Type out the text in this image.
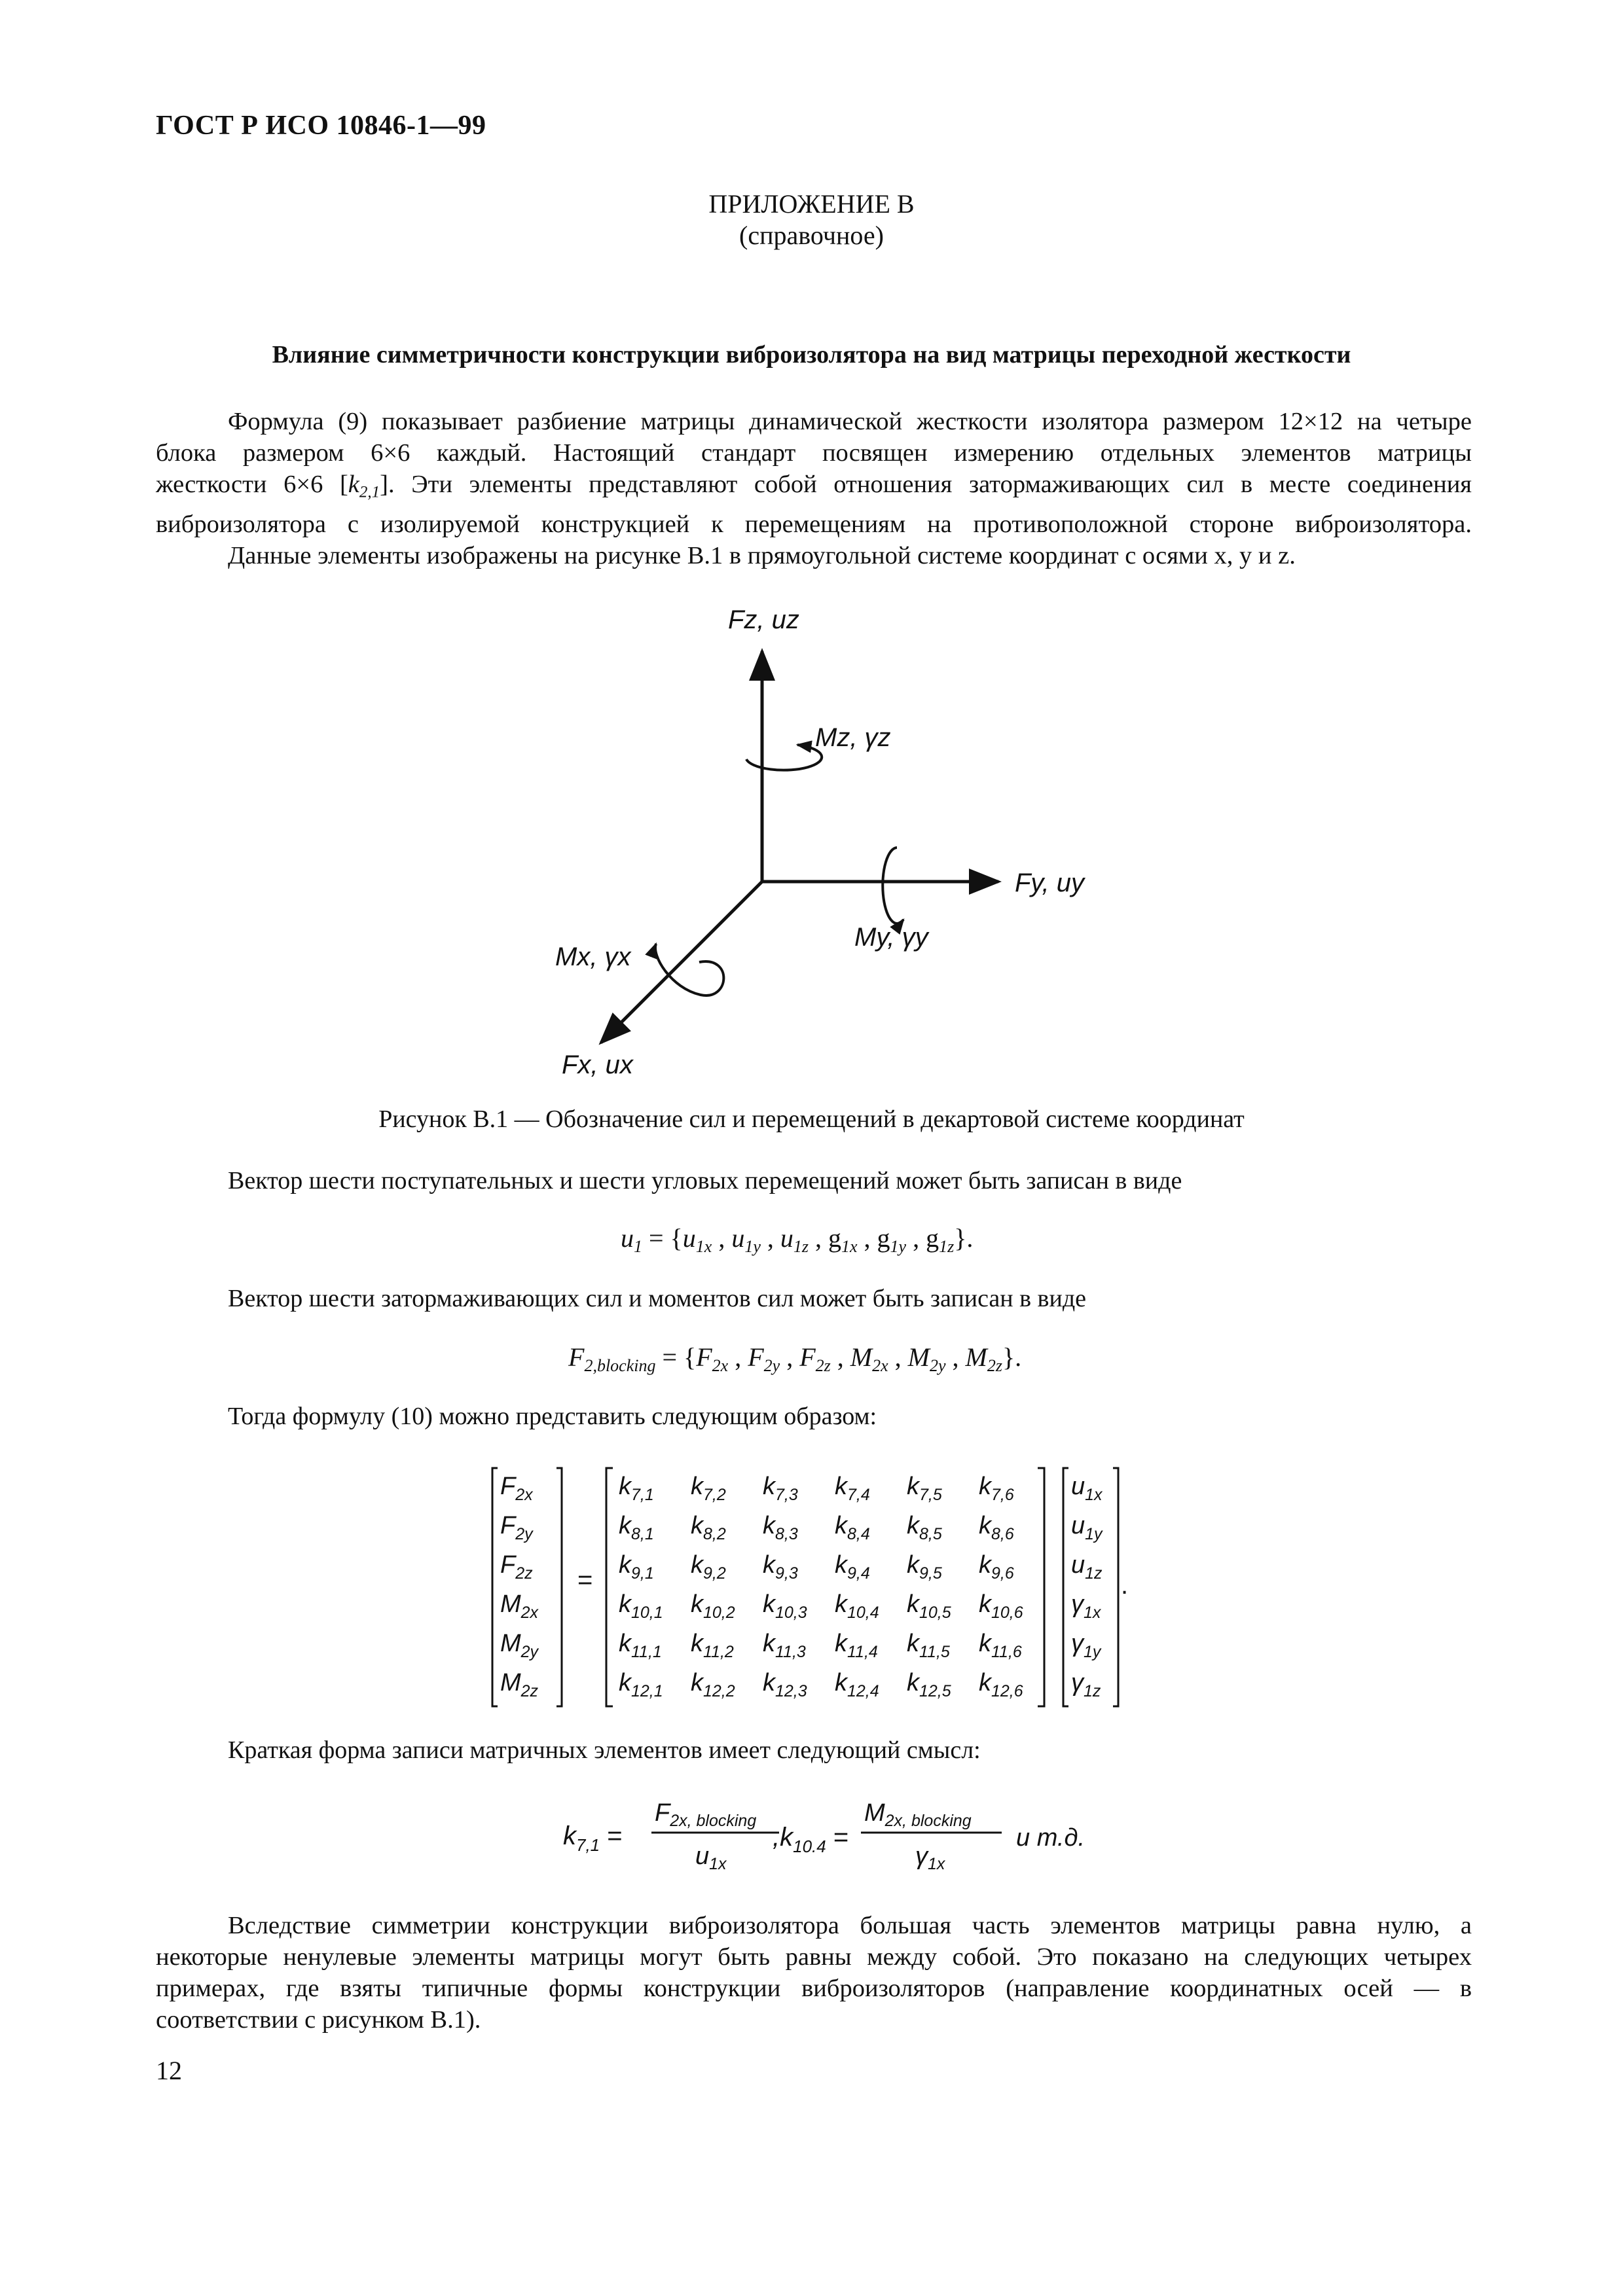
ГОСТ Р ИСО 10846-1—99
ПРИЛОЖЕНИЕ В
(справочное)
Влияние симметричности конструкции виброизолятора на вид матрицы переходной жесткости
Формула (9) показывает разбиение матрицы динамической жесткости изолятора размером 12×12 на четыре
блока размером 6×6 каждый. Настоящий стандарт посвящен измерению отдельных элементов матрицы
жесткости 6×6 $[k_{2,1}]$. Эти элементы представляют собой отношения затормаживающих сил в месте соединения
виброизолятора с изолируемой конструкцией к перемещениям на противоположной стороне виброизолятора.
Данные элементы изображены на рисунке В.1 в прямоугольной системе координат с осями x, y и z.
Fz, uz
Mz, γz
Fy, uy
My, γy
Mx, γx
Fx, ux
Рисунок В.1 — Обозначение сил и перемещений в декартовой системе координат
Вектор шести поступательных и шести угловых перемещений может быть записан в виде
$u_1 = \{u_{1x}$ , $u_{1y}$ , $u_{1z}$ , $g_{1x}$ , $g_{1y}$ , $g_{1z}$}.
Вектор шести затормаживающих сил и моментов сил может быть записан в виде
$F_{2,blocking} = \{F_{2x}$ , $F_{2y}$ , $F_{2z}$ , $M_{2x}$ , $M_{2y}$ , $M_{2z}$}.
Тогда формулу (10) можно представить следующим образом:
=	.
$F_{2x}$
$F_{2y}$
$F_{2z}$
$M_{2x}$
$M_{2y}$
$M_{2z}$
$k_{7,1}$ $k_{7,2}$ $k_{7,3}$ $k_{7,4}$ $k_{7,5}$ $k_{7,6}$
$k_{8,1}$ $k_{8,2}$ $k_{8,3}$ $k_{8,4}$ $k_{8,5}$ $k_{8,6}$
$k_{9,1}$ $k_{9,2}$ $k_{9,3}$ $k_{9,4}$ $k_{9,5}$ $k_{9,6}$
$k_{10,1}$ $k_{10,2}$ $k_{10,3}$ $k_{10,4}$ $k_{10,5}$ $k_{10,6}$
$k_{11,1}$ $k_{11,2}$ $k_{11,3}$ $k_{11,4}$ $k_{11,5}$ $k_{11,6}$
$k_{12,1}$ $k_{12,2}$ $k_{12,3}$ $k_{12,4}$ $k_{12,5}$ $k_{12,6}$
$u_{1x}$
$u_{1y}$
$u_{1z}$
$\gamma_{1x}$
$\gamma_{1y}$
$\gamma_{1z}$
Краткая форма записи матричных элементов имеет следующий смысл:
$k_{7,1}$ =
$F_{2x, blocking}$
$u_{1x}$
$,k_{10.4}$ =
$M_{2x, blocking}$
$\gamma_{1x}$
и т.д.
Вследствие симметрии конструкции виброизолятора большая часть элементов матрицы равна нулю, а
некоторые ненулевые элементы матрицы могут быть равны между собой. Это показано на следующих четырех
примерах, где взяты типичные формы конструкции виброизоляторов (направление координатных осей — в
соответствии с рисунком В.1).
12
